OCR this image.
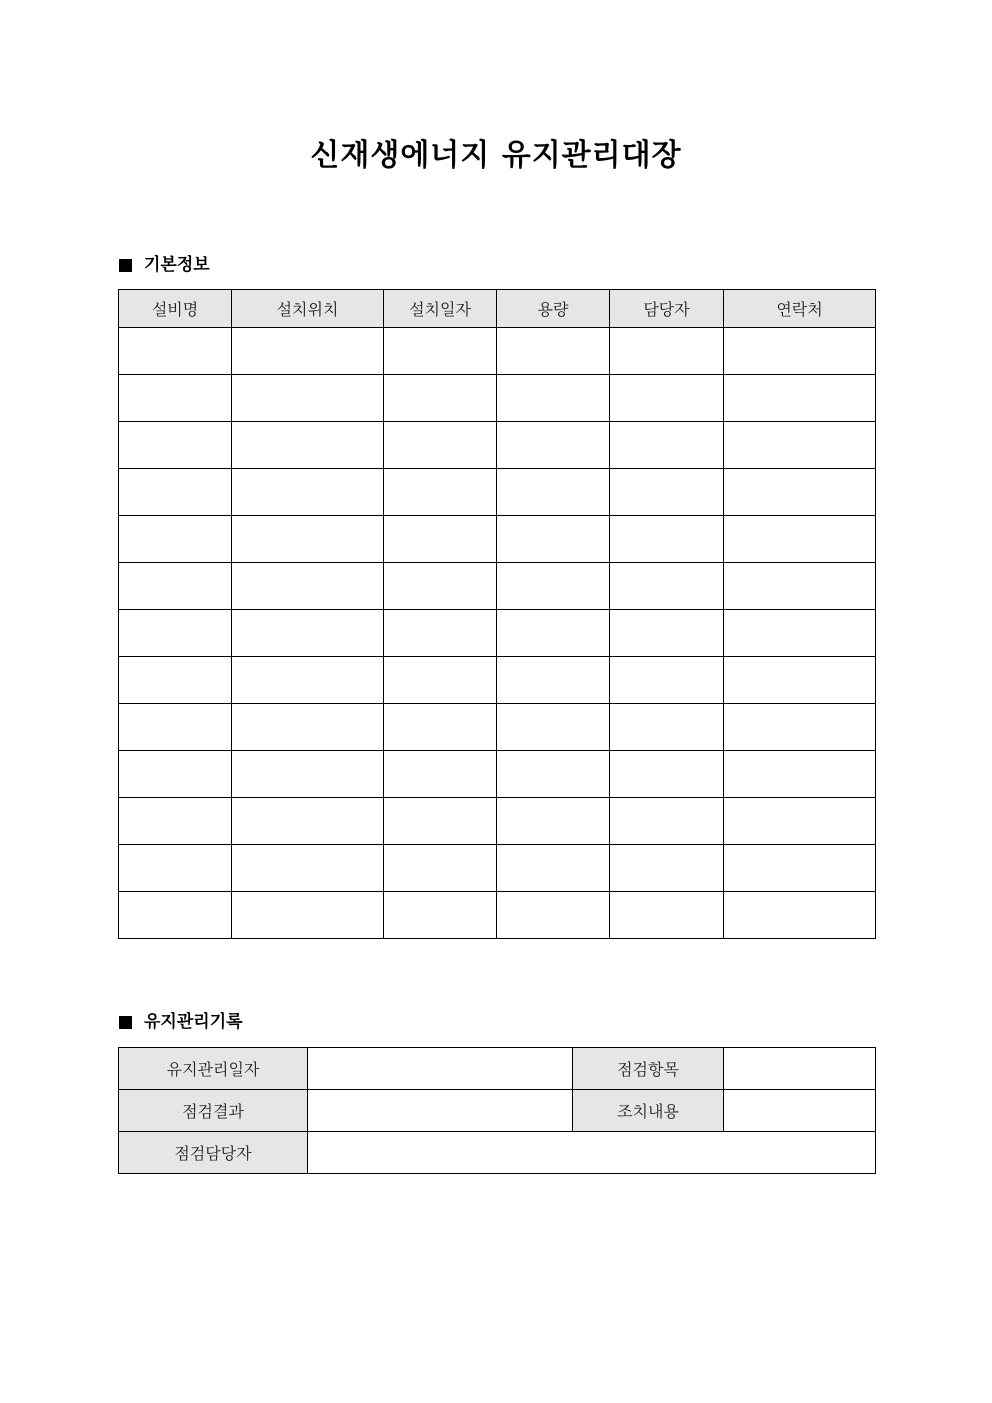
신재생에너지 유지관리대장
기본정보
설비명	설치위치	설치일자	용량	담당자	연락처

유지관리기록
유지관리일자		점검항목	
점검결과		조치내용	
점검담당자			
